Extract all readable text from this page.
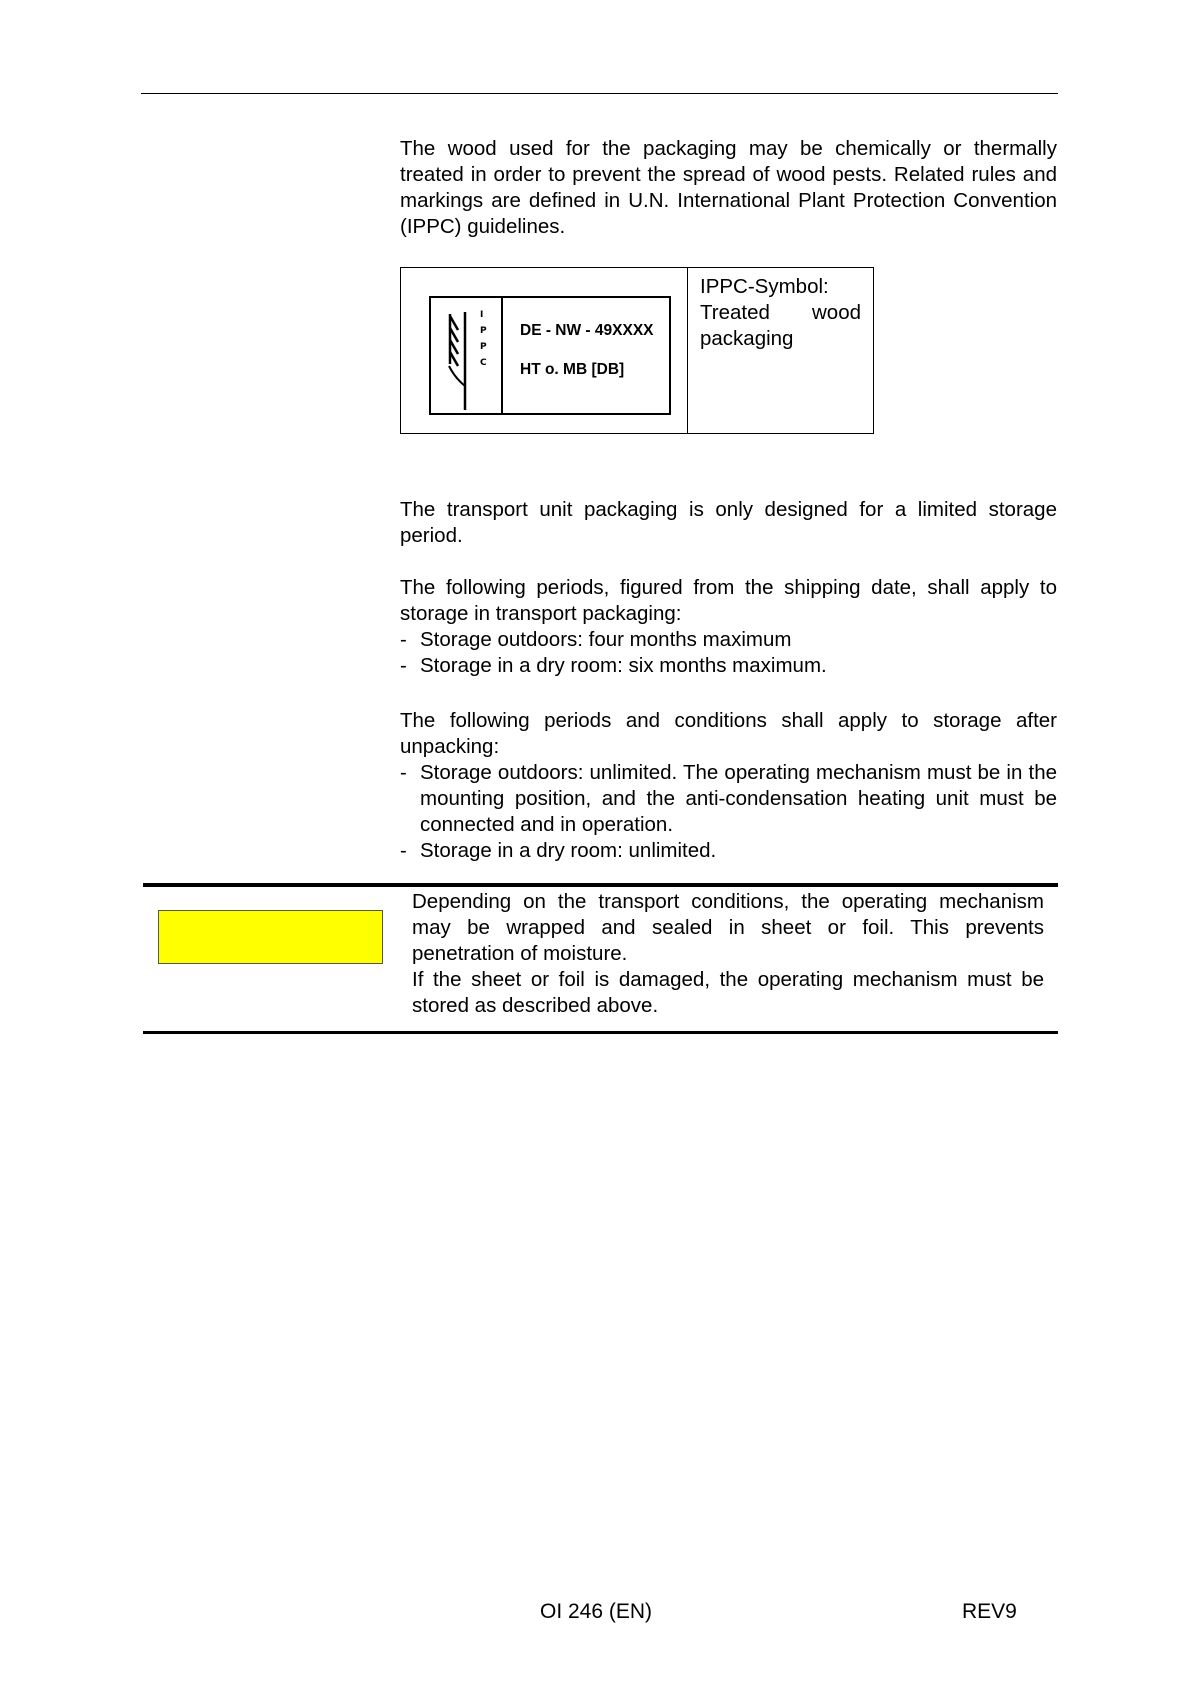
The wood used for the packaging may be chemically or thermally treated in order to prevent the spread of wood pests. Related rules and markings are defined in U.N. International Plant Protection Convention (IPPC) guidelines.

I
P
P
C
DE - NW - 49XXXX
HT o. MB [DB]
IPPC-Symbol:
Treated wood
packaging

The transport unit packaging is only designed for a limited storage period.

The following periods, figured from the shipping date, shall apply to storage in transport packaging:

- Storage outdoors: four months maximum
- Storage in a dry room: six months maximum.

The following periods and conditions shall apply to storage after unpacking:

- Storage outdoors: unlimited. The operating mechanism must be in the mounting position, and the anti-condensation heating unit must be connected and in operation.
- Storage in a dry room: unlimited.

Depending on the transport conditions, the operating mechanism may be wrapped and sealed in sheet or foil. This prevents penetration of moisture.

If the sheet or foil is damaged, the operating mechanism must be stored as described above.

OI 246 (EN)	REV9
